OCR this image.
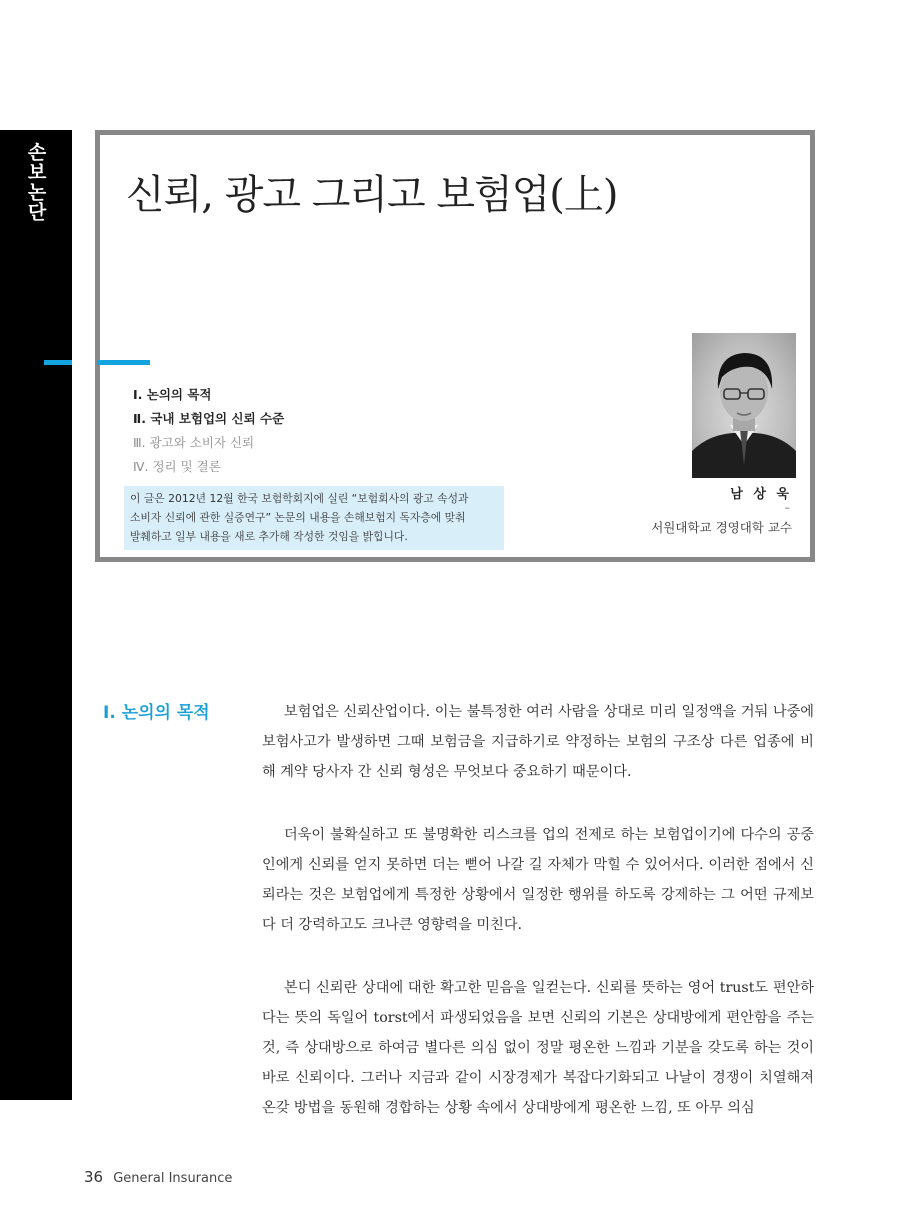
손보논단 신뢰, 광고 그리고 보험업(上)
Ⅰ. 논의의 목적
Ⅱ. 국내 보험업의 신뢰 수준
Ⅲ. 광고와 소비자 신뢰
Ⅳ. 정리 및 결론
이 글은 2012년 12월 한국 보험학회지에 실린 “보험회사의 광고 속성과
소비자 신뢰에 관한 실증연구” 논문의 내용을 손해보험지 독자층에 맞춰
발췌하고 일부 내용을 새로 추가해 작성한 것임을 밝힙니다.
남 상 욱
–
서원대학교 경영대학 교수
Ⅰ. 논의의 목적	보험업은 신뢰산업이다. 이는 불특정한 여러 사람을 상대로 미리 일정액을 거둬 나중에 보험사고가 발생하면 그때 보험금을 지급하기로 약정하는 보험의 구조상 다른 업종에 비해 계약 당사자 간 신뢰 형성은 무엇보다 중요하기 때문이다.

더욱이 불확실하고 또 불명확한 리스크를 업의 전제로 하는 보험업이기에 다수의 공중인에게 신뢰를 얻지 못하면 더는 뻗어 나갈 길 자체가 막힐 수 있어서다. 이러한 점에서 신뢰라는 것은 보험업에게 특정한 상황에서 일정한 행위를 하도록 강제하는 그 어떤 규제보다 더 강력하고도 크나큰 영향력을 미친다.

본디 신뢰란 상대에 대한 확고한 믿음을 일컫는다. 신뢰를 뜻하는 영어 trust도 편안하다는 뜻의 독일어 torst에서 파생되었음을 보면 신뢰의 기본은 상대방에게 편안함을 주는 것, 즉 상대방으로 하여금 별다른 의심 없이 정말 평온한 느낌과 기분을 갖도록 하는 것이 바로 신뢰이다. 그러나 지금과 같이 시장경제가 복잡다기화되고 나날이 경쟁이 치열해져 온갖 방법을 동원해 경합하는 상황 속에서 상대방에게 평온한 느낌, 또 아무 의심

36 General Insurance
